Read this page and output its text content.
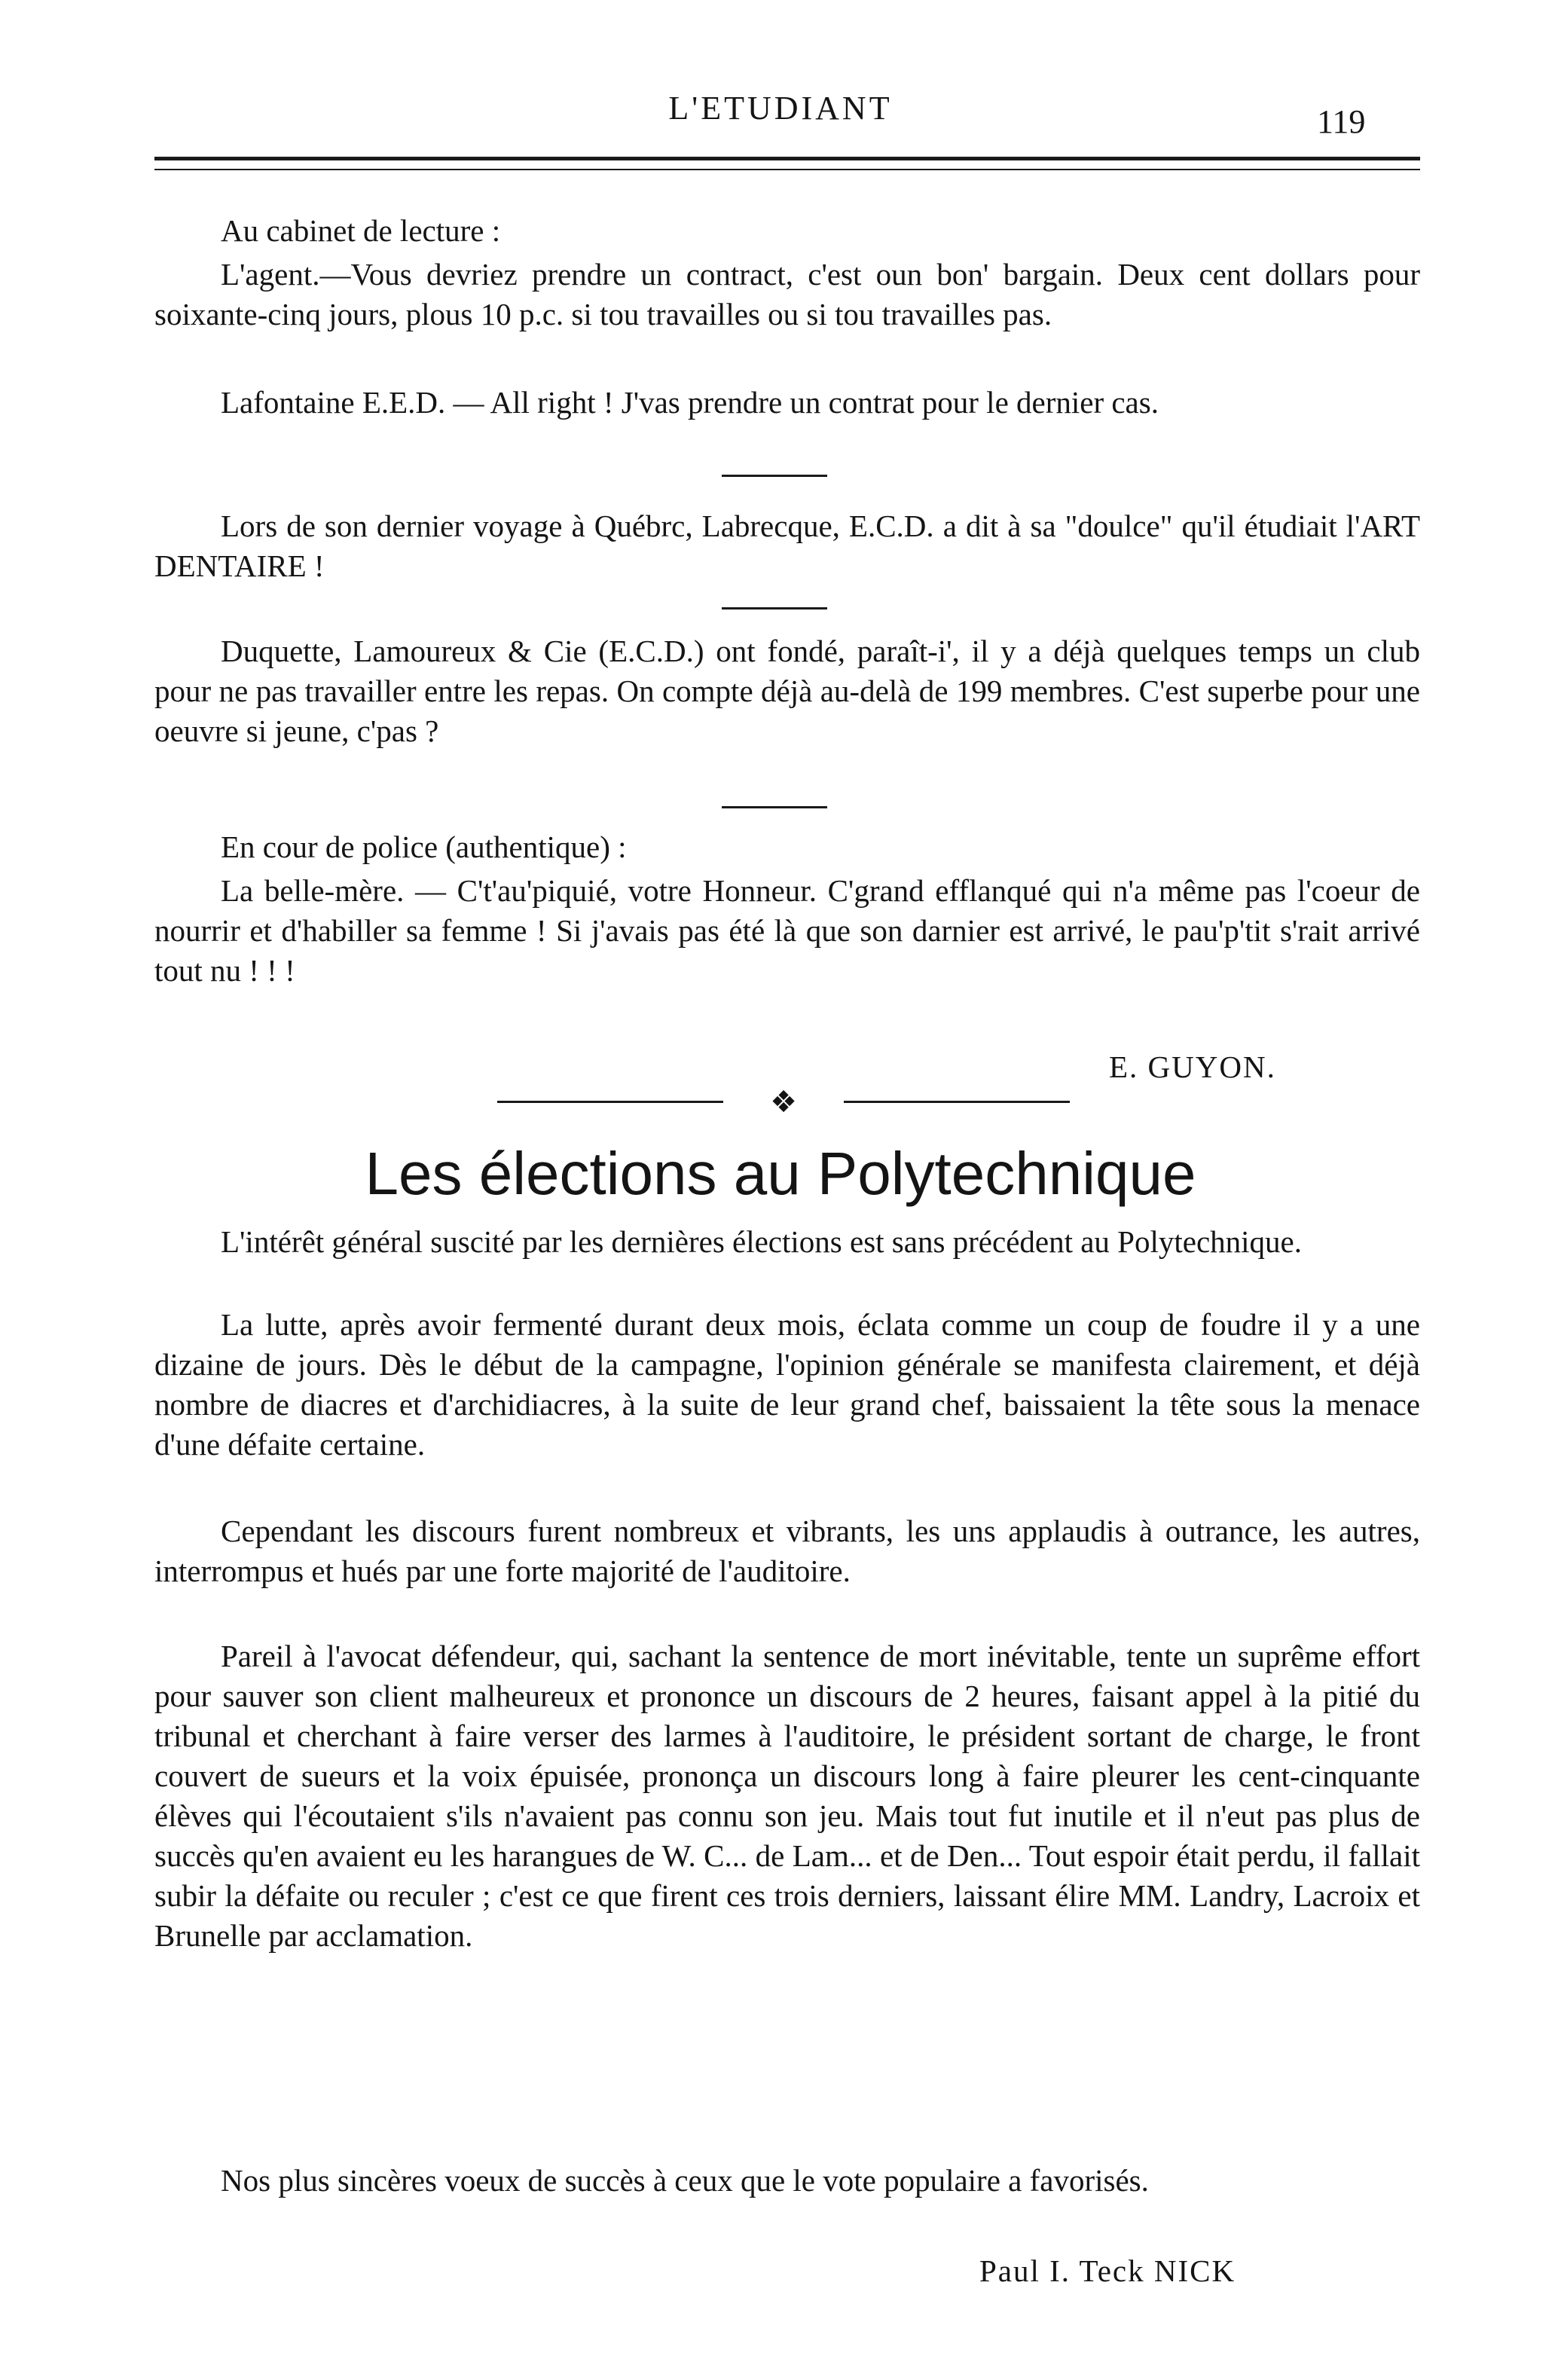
L'ETUDIANT	119

Au cabinet de lecture :

L'agent.—Vous devriez prendre un contract, c'est oun bon' bargain. Deux cent dollars pour soixante-cinq jours, plous 10 p.c. si tou travailles ou si tou travailles pas.

Lafontaine E.E.D. — All right ! J'vas prendre un contrat pour le dernier cas.

Lors de son dernier voyage à Québrc, Labrecque, E.C.D. a dit à sa "doulce" qu'il étudiait l'ART DENTAIRE !

Duquette, Lamoureux & Cie (E.C.D.) ont fondé, paraît-i', il y a déjà quelques temps un club pour ne pas travailler entre les repas. On compte déjà au-delà de 199 membres. C'est superbe pour une oeuvre si jeune, c'pas ?

En cour de police (authentique) :

La belle-mère. — C't'au'piquié, votre Honneur. C'grand efflanqué qui n'a même pas l'coeur de nourrir et d'habiller sa femme ! Si j'avais pas été là que son darnier est arrivé, le pau'p'tit s'rait arrivé tout nu ! ! !

E. GUYON.
❖
Les élections au Polytechnique

L'intérêt général suscité par les dernières élections est sans précédent au Polytechnique.

La lutte, après avoir fermenté durant deux mois, éclata comme un coup de foudre il y a une dizaine de jours. Dès le début de la campagne, l'opinion générale se manifesta clairement, et déjà nombre de diacres et d'archidiacres, à la suite de leur grand chef, baissaient la tête sous la menace d'une défaite certaine.

Cependant les discours furent nombreux et vibrants, les uns applaudis à outrance, les autres, interrompus et hués par une forte majorité de l'auditoire.

Pareil à l'avocat défendeur, qui, sachant la sentence de mort inévitable, tente un suprême effort pour sauver son client malheureux et prononce un discours de 2 heures, faisant appel à la pitié du tribunal et cherchant à faire verser des larmes à l'auditoire, le président sortant de charge, le front couvert de sueurs et la voix épuisée, prononça un discours long à faire pleurer les cent-cinquante élèves qui l'écoutaient s'ils n'avaient pas connu son jeu. Mais tout fut inutile et il n'eut pas plus de succès qu'en avaient eu les harangues de W. C... de Lam... et de Den... Tout espoir était perdu, il fallait subir la défaite ou reculer ; c'est ce que firent ces trois derniers, laissant élire MM. Landry, Lacroix et Brunelle par acclamation.

Nos plus sincères voeux de succès à ceux que le vote populaire a favorisés.

Paul I. Teck NICK
